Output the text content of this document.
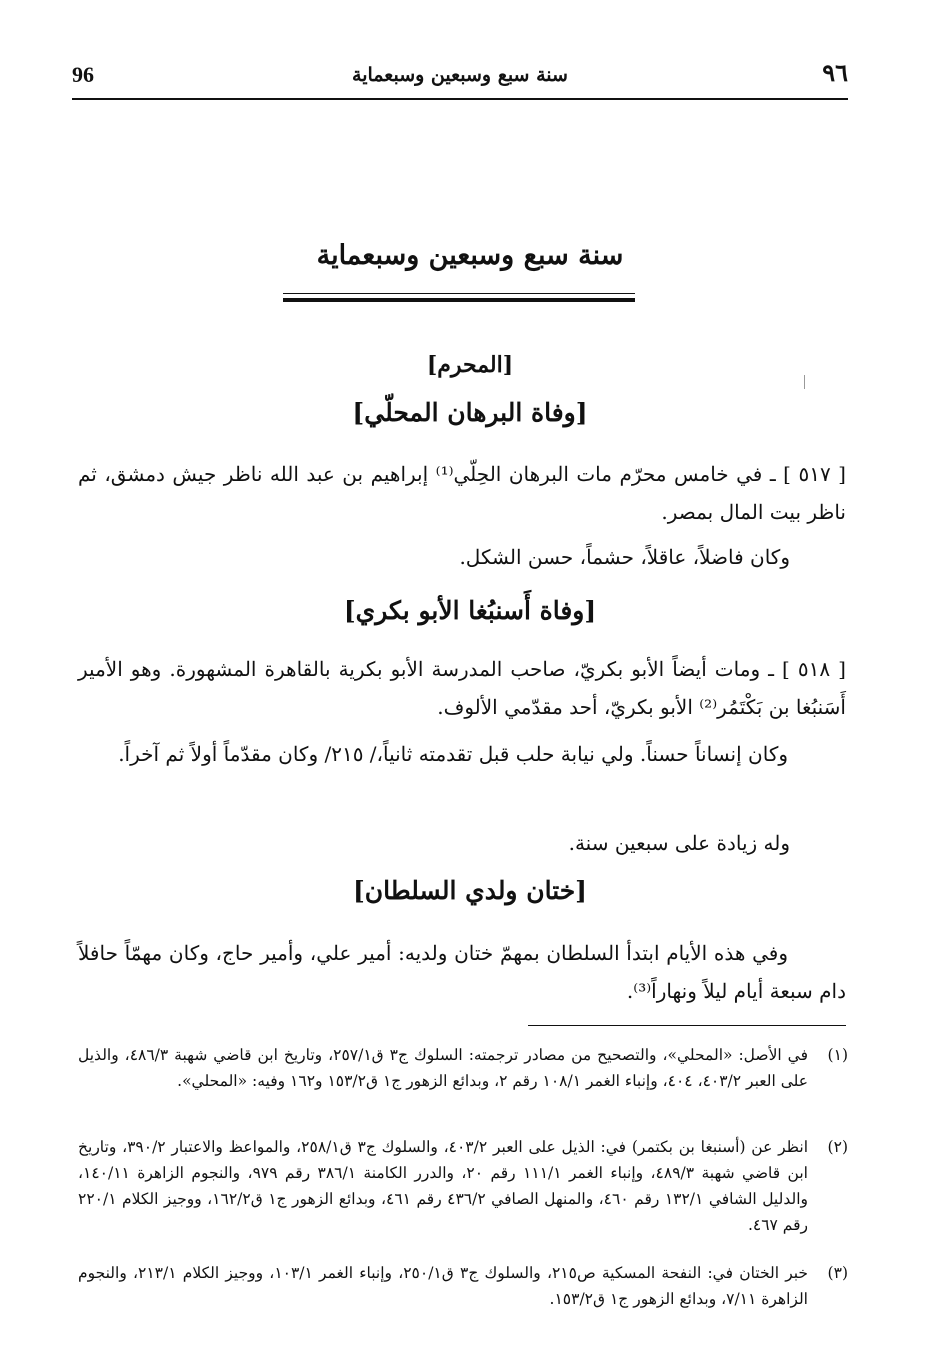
96	سنة سبع وسبعين وسبعماية	٩٦
سنة سبع وسبعين وسبعماية
[المحرم]
[وفاة البرهان المحلّي]
[ ٥١٧ ] ـ في خامس محرّم مات البرهان الحِلّي⁽¹⁾ إبراهيم بن عبد الله ناظر جيش دمشق، ثم ناظر بيت المال بمصر.
وكان فاضلاً، عاقلاً، حشماً، حسن الشكل.
[وفاة أَسنبُغا الأبو بكري]
[ ٥١٨ ] ـ ومات أيضاً الأبو بكريّ، صاحب المدرسة الأبو بكرية بالقاهرة المشهورة. وهو الأمير أَسَنبُغا بن بَكْتَمُر⁽²⁾ الأبو بكريّ، أحد مقدّمي الألوف.
وكان إنساناً حسناً. ولي نيابة حلب قبل تقدمته ثانياً،/ ٢١٥/ وكان مقدّماً أولاً ثم آخراً.
وله زيادة على سبعين سنة.
[ختان ولدي السلطان]
وفي هذه الأيام ابتدأ السلطان بمهمّ ختان ولديه: أمير علي، وأمير حاج، وكان مهمّاً حافلاً دام سبعة أيام ليلاً ونهاراً⁽³⁾.
(١)
في الأصل: «المحلي»، والتصحيح من مصادر ترجمته: السلوك ج٣ ق٢٥٧/١، وتاريخ ابن قاضي شهبة ٤٨٦/٣، والذيل على العبر ٤٠٣/٢، ٤٠٤، وإنباء الغمر ١٠٨/١ رقم ٢، وبدائع الزهور ج١ ق١٥٣/٢ و١٦٢ وفيه: «المحلي».
(٢)
انظر عن (أسنبغا بن بكتمر) في: الذيل على العبر ٤٠٣/٢، والسلوك ج٣ ق٢٥٨/١، والمواعظ والاعتبار ٣٩٠/٢، وتاريخ ابن قاضي شهبة ٤٨٩/٣، وإنباء الغمر ١١١/١ رقم ٢٠، والدرر الكامنة ٣٨٦/١ رقم ٩٧٩، والنجوم الزاهرة ١٤٠/١١، والدليل الشافي ١٣٢/١ رقم ٤٦٠، والمنهل الصافي ٤٣٦/٢ رقم ٤٦١، وبدائع الزهور ج١ ق١٦٢/٢، ووجيز الكلام ٢٢٠/١ رقم ٤٦٧.
(٣)
خبر الختان في: النفحة المسكية ص٢١٥، والسلوك ج٣ ق٢٥٠/١، وإنباء الغمر ١٠٣/١، ووجيز الكلام ٢١٣/١، والنجوم الزاهرة ٧/١١، وبدائع الزهور ج١ ق١٥٣/٢.
